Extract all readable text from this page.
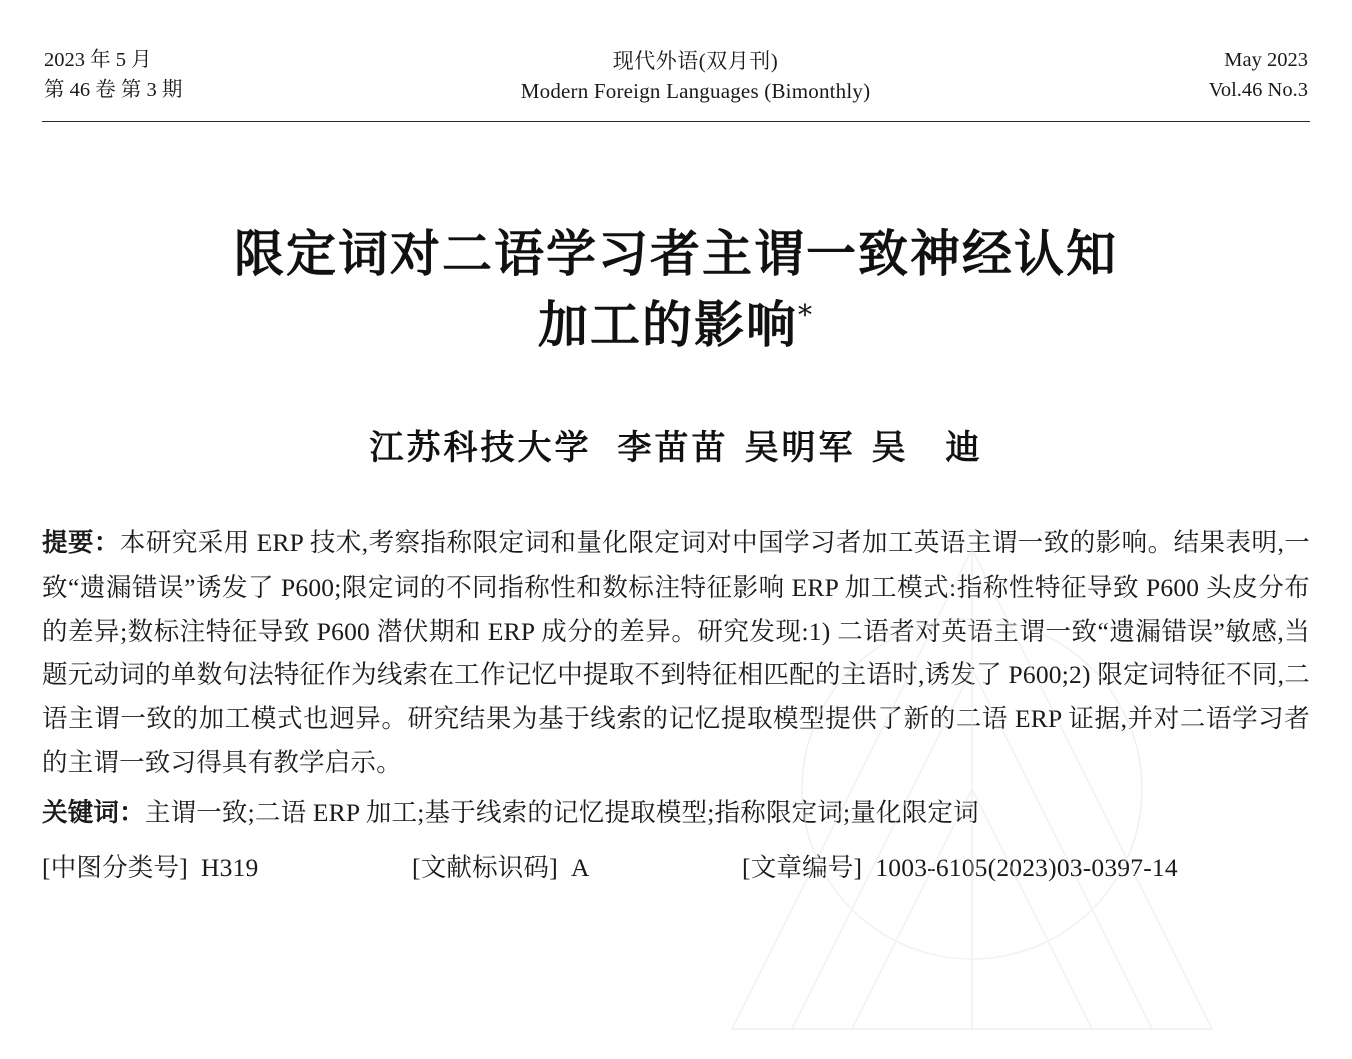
2023 年 5 月
第 46 卷 第 3 期
现代外语(双月刊)
Modern Foreign Languages (Bimonthly)
May 2023
Vol.46 No.3
限定词对二语学习者主谓一致神经认知
加工的影响*
江苏科技大学 李苗苗 吴明军 吴　迪
提要：本研究采用 ERP 技术,考察指称限定词和量化限定词对中国学习者加工英语主谓一致的影响。结果表明,一致“遗漏错误”诱发了 P600;限定词的不同指称性和数标注特征影响 ERP 加工模式:指称性特征导致 P600 头皮分布的差异;数标注特征导致 P600 潜伏期和 ERP 成分的差异。研究发现:1) 二语者对英语主谓一致“遗漏错误”敏感,当题元动词的单数句法特征作为线索在工作记忆中提取不到特征相匹配的主语时,诱发了 P600;2) 限定词特征不同,二语主谓一致的加工模式也迥异。研究结果为基于线索的记忆提取模型提供了新的二语 ERP 证据,并对二语学习者的主谓一致习得具有教学启示。
关键词：主谓一致;二语 ERP 加工;基于线索的记忆提取模型;指称限定词;量化限定词
[中图分类号] H319	[文献标识码] A	[文章编号] 1003-6105(2023)03-0397-14
